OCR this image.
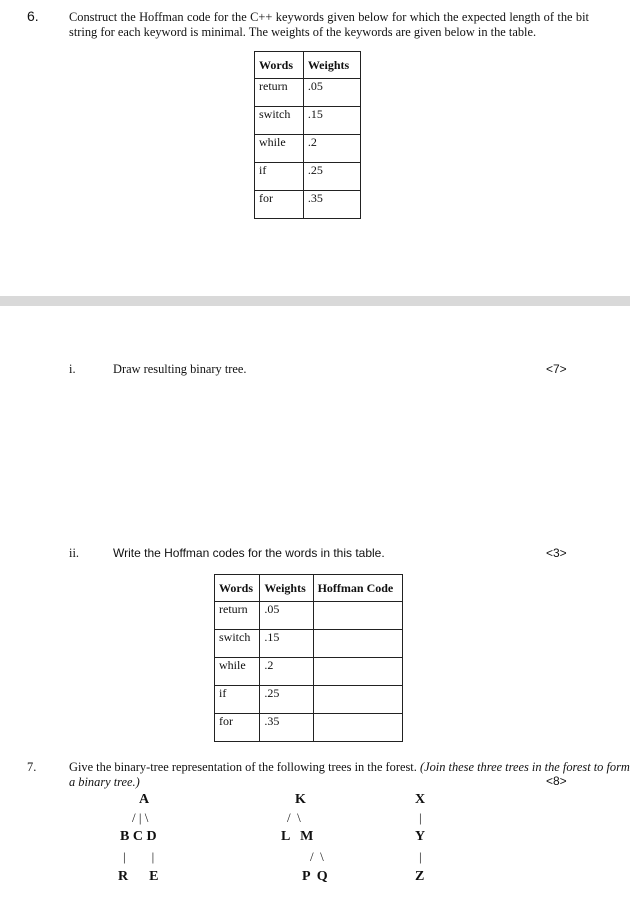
6. Construct the Hoffman code for the C++ keywords given below for which the expected length of the bit string for each keyword is minimal. The weights of the keywords are given below in the table.
Words	Weights
return	.05
switch	.15
while	.2
if	.25
for	.35
i.	Draw resulting binary tree.	<7>
ii.	Write the Hoffman codes for the words in this table.	<3>
Words	Weights	Hoffman Code
return	.05	
switch	.15	
while	.2	
if	.25	
for	.35	
7.	Give the binary-tree representation of the following trees in the forest. (Join these three trees in the forest to form a binary tree.)	<8>
A
/ | \
B C D
|        |
R      E
K
/  \
L   M
/  \
P  Q
X
|
Y
|
Z
